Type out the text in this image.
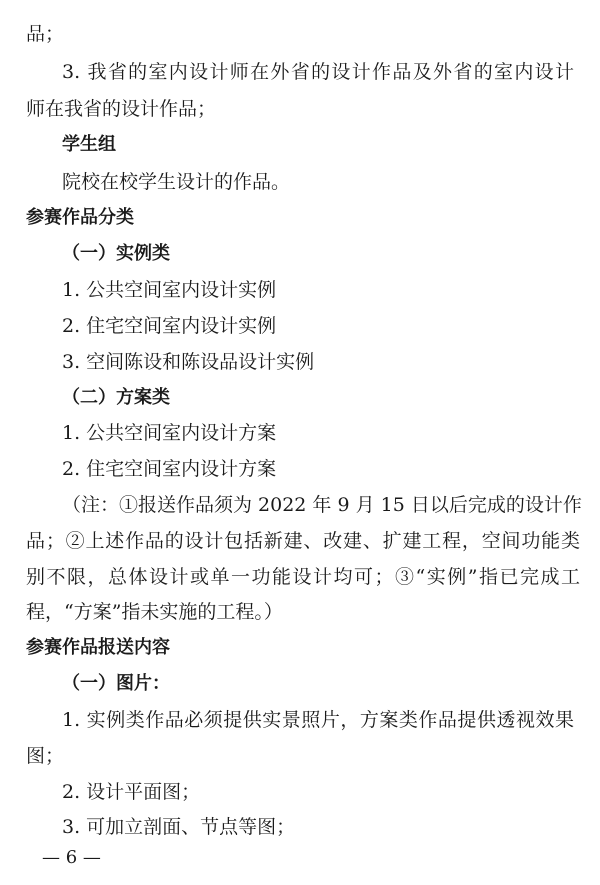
品；
3. 我省的室内设计师在外省的设计作品及外省的室内设计
师在我省的设计作品；
学生组
院校在校学生设计的作品。
参赛作品分类
（一）实例类
1. 公共空间室内设计实例
2. 住宅空间室内设计实例
3. 空间陈设和陈设品设计实例
（二）方案类
1. 公共空间室内设计方案
2. 住宅空间室内设计方案
（注：①报送作品须为 2022 年 9 月 15 日以后完成的设计作
品；②上述作品的设计包括新建、改建、扩建工程，空间功能类
别不限，总体设计或单一功能设计均可；③“实例”指已完成工
程，“方案”指未实施的工程。）
参赛作品报送内容
（一）图片：
1. 实例类作品必须提供实景照片，方案类作品提供透视效果
图；
2. 设计平面图；
3. 可加立剖面、节点等图；
— 6 —
